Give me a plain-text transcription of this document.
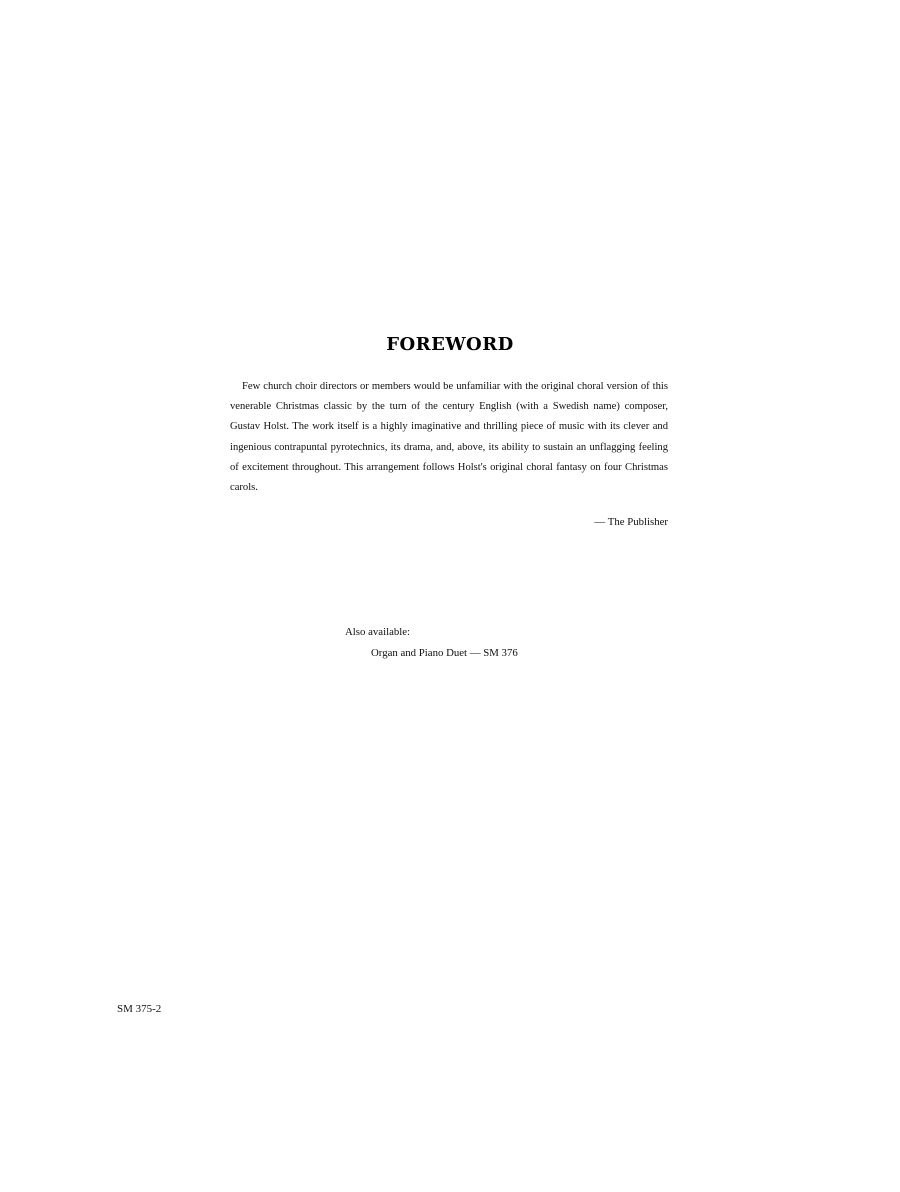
FOREWORD

Few church choir directors or members would be unfamiliar with the original choral version of this venerable Christmas classic by the turn of the century English (with a Swedish name) composer, Gustav Holst. The work itself is a highly imaginative and thrilling piece of music with its clever and ingenious contrapuntal pyrotechnics, its drama, and, above, its ability to sustain an unflagging feeling of excitement throughout. This arrangement follows Holst's original choral fantasy on four Christmas carols.

— The Publisher
Also available:
Organ and Piano Duet — SM 376
SM 375-2
